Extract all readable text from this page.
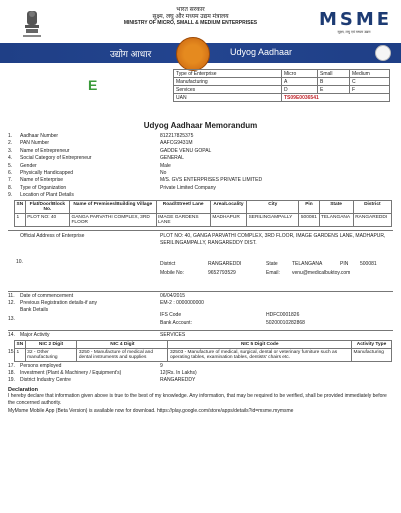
भारत सरकार
सूक्ष्म, लघु और मध्यम उद्यम मंत्रालय
MINISTRY OF MICRO, SMALL & MEDIUM ENTERPRISES	MSME
सूक्ष्म, लघु एवं मध्यम उद्यम
उद्योग आधार	Udyog Aadhaar
E
Type of Enterprise	Micro	Small	Medium
Manufacturing	A	B	C
Services	D	E	F
UAN	TS09E0036541		
Udyog Aadhaar Memorandum
1.	Aadhaar Number	812217825375
2.	PAN Number	AAFCG9431M
3.	Name of Entrepreneur	GADDE VENU GOPAL
4.	Social Category of Entrepreneur	GENERAL
5.	Gender	Male
6.	Physically Handicapped	No
7.	Name of Enterprise	M/S. GVS ENTERPRISES PRIVATE LIMITED
8.	Type of Organization	Private Limited Company
9.	Location of Plant Details
SN	Flat/Door/Block No.	Name of Premises/Building Village	Road/Street/ Lane	Area/Locality	City	Pin	State	District
1	PLOT NO: 40	GANGA PARVATHI COMPLEX, 3RD FLOOR	IMAGE GARDENS LANE	MADHAPUR	SERILINGAMPALLY	500081	TELANGANA	RANGAREDDI
Official Address of Enterprise
10.
PLOT NO: 40, GANGA PARVATHI COMPLEX, 3RD FLOOR, IMAGE GARDENS LANE, MADHAPUR, SERILINGAMPALLY, RANGAREDDY DIST.
District	RANGAREDDI	State	TELANGANA	PIN 500081
Mobile No:	9652793529	Email: venu@medicalbuktoy.com
11.	Date of commencement	06/04/2015
12.	Previous Registration details-if any	EM-2 : 0000000000
Bank Details
13.
IFS Code	HDFC0001826
Bank Account:	50200010282868
14.	Major Activity	SERVICES
15.
SN	NIC 2 Digit	NIC 4 Digit	NIC 5 Digit Code	Activity Type
1	32 - Other manufacturing	3250 - Manufacture of medical and dental instruments and supplies	32503 - Manufacture of medical, surgical, dental or veterinary furniture such as operating tables, examination tables, dentists' chairs etc.	Manufacturing
17.	Persons employed	9
18.	Investment (Plant & Machinery / Equipment's)	12(Rs. In Lakhs)
19.	District Industry Centre	RANGAREDDY
Declaration
I hereby declare that information given above is true to the best of my knowledge. Any information, that may be required to be verified, shall be provided immediately before the concerned authority.
MyMsme Mobile App (Beta Version) is available now for download. https://play.google.com/store/apps/details?id=msme.mymsme
